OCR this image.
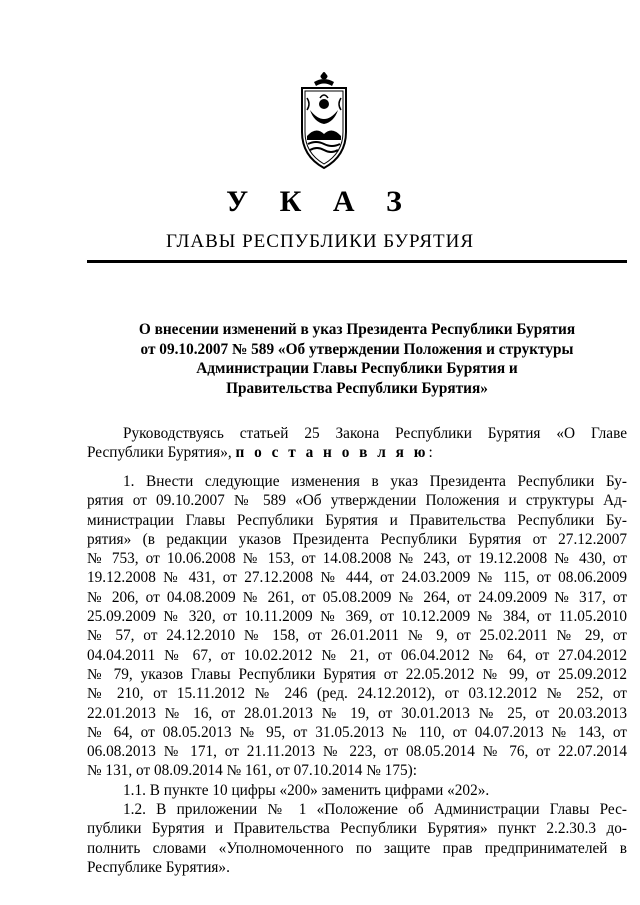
У К А З
ГЛАВЫ РЕСПУБЛИКИ БУРЯТИЯ
О внесении изменений в указ Президента Республики Бурятия
от 09.10.2007 № 589 «Об утверждении Положения и структуры
Администрации Главы Республики Бурятия и
Правительства Республики Бурятия»
Руководствуясь статьей 25 Закона Республики Бурятия «О Главе
Республики Бурятия», п о с т а н о в л я ю:
1. Внести следующие изменения в указ Президента Республики Бу-
рятия от 09.10.2007 № 589 «Об утверждении Положения и структуры Ад-
министрации Главы Республики Бурятия и Правительства Республики Бу-
рятия» (в редакции указов Президента Республики Бурятия от 27.12.2007
№ 753, от 10.06.2008 № 153, от 14.08.2008 № 243, от 19.12.2008 № 430, от
19.12.2008 № 431, от 27.12.2008 № 444, от 24.03.2009 № 115, от 08.06.2009
№ 206, от 04.08.2009 № 261, от 05.08.2009 № 264, от 24.09.2009 № 317, от
25.09.2009 № 320, от 10.11.2009 № 369, от 10.12.2009 № 384, от 11.05.2010
№ 57, от 24.12.2010 № 158, от 26.01.2011 № 9, от 25.02.2011 № 29, от
04.04.2011 № 67, от 10.02.2012 № 21, от 06.04.2012 № 64, от 27.04.2012
№ 79, указов Главы Республики Бурятия от 22.05.2012 № 99, от 25.09.2012
№ 210, от 15.11.2012 № 246 (ред. 24.12.2012), от 03.12.2012 № 252, от
22.01.2013 № 16, от 28.01.2013 № 19, от 30.01.2013 № 25, от 20.03.2013
№ 64, от 08.05.2013 № 95, от 31.05.2013 № 110, от 04.07.2013 № 143, от
06.08.2013 № 171, от 21.11.2013 № 223, от 08.05.2014 № 76, от 22.07.2014
№ 131, от 08.09.2014 № 161, от 07.10.2014 № 175):
1.1. В пункте 10 цифры «200» заменить цифрами «202».
1.2. В приложении № 1 «Положение об Администрации Главы Рес-
публики Бурятия и Правительства Республики Бурятия» пункт 2.2.30.3 до-
полнить словами «Уполномоченного по защите прав предпринимателей в
Республике Бурятия».
